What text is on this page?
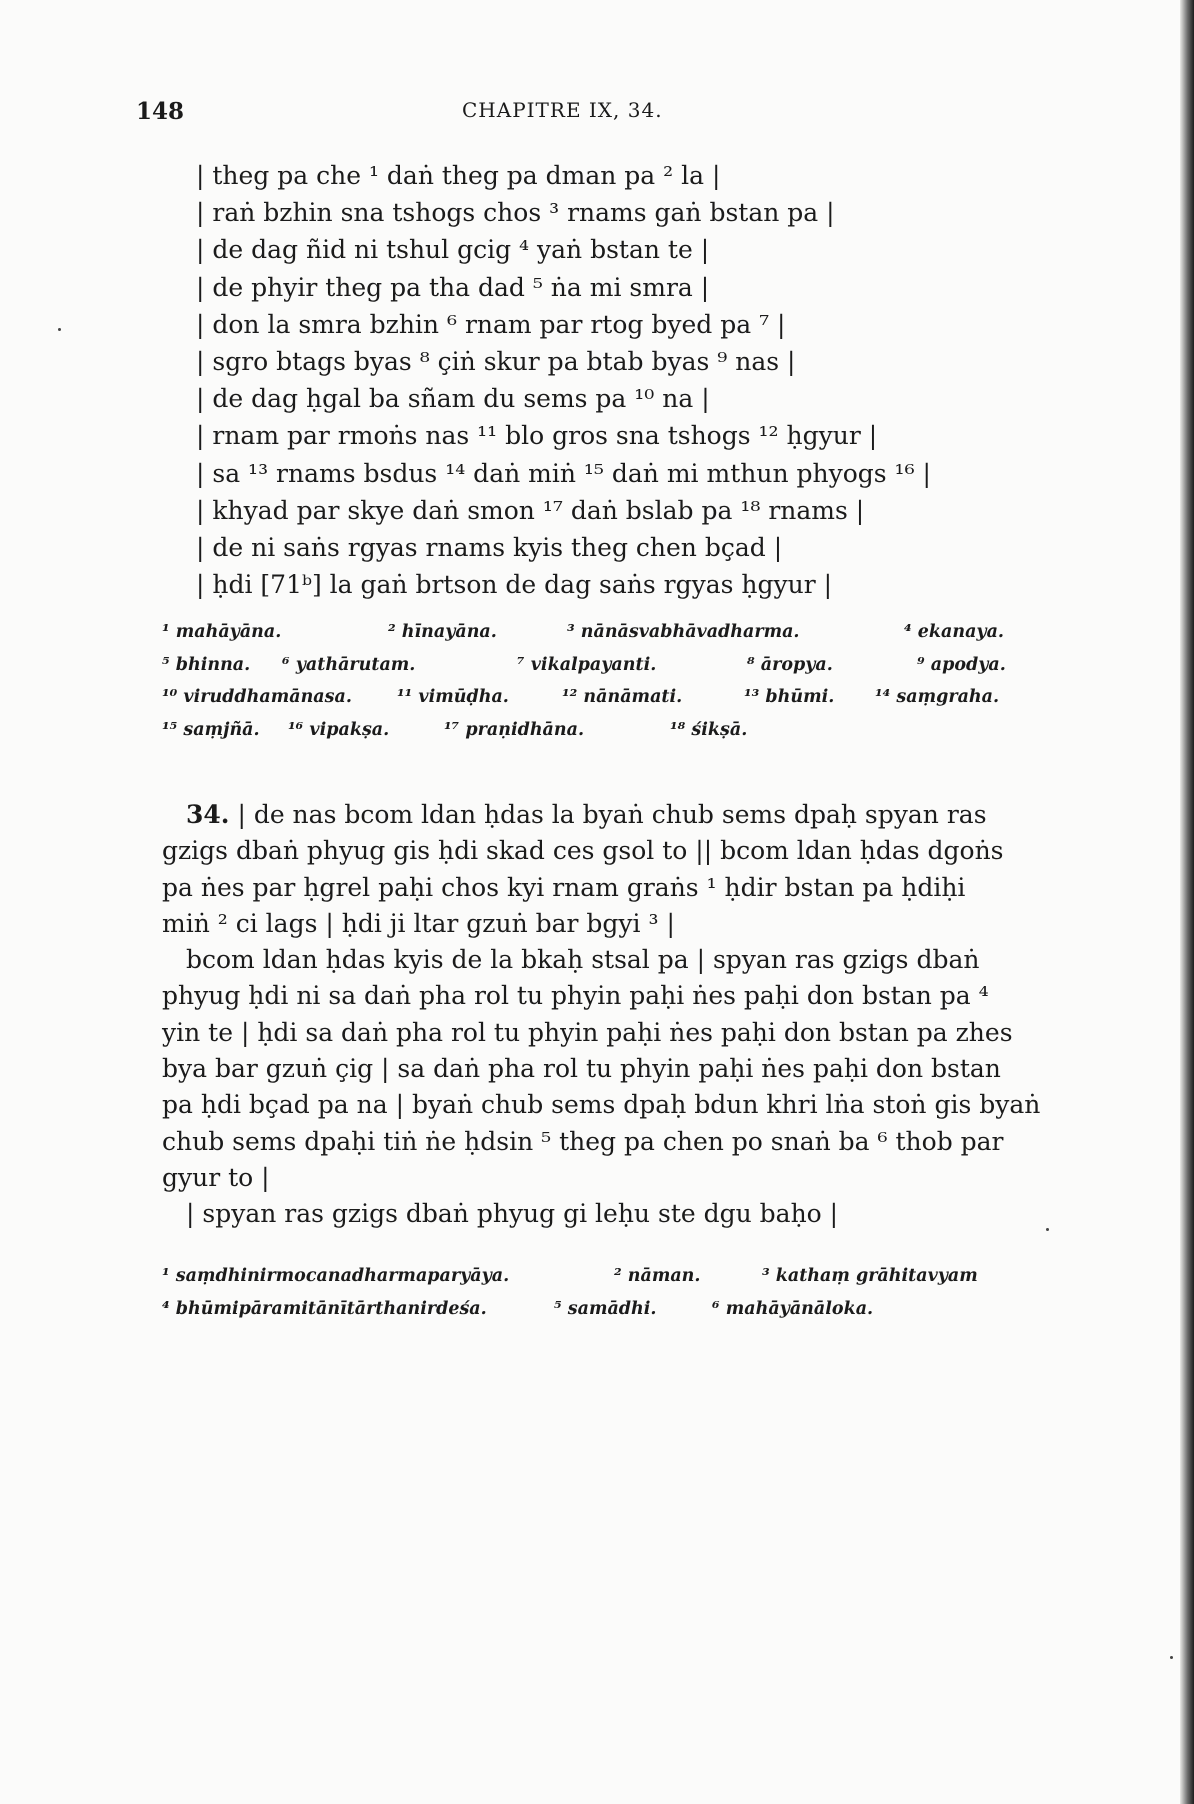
148	CHAPITRE IX, 34.
| theg pa che ¹ daṅ theg pa dman pa ² la |
| raṅ bzhin sna tshogs chos ³ rnams gaṅ bstan pa |
| de dag ñid ni tshul gcig ⁴ yaṅ bstan te |
| de phyir theg pa tha dad ⁵ ṅa mi smra |
| don la smra bzhin ⁶ rnam par rtog byed pa ⁷ |
| sgro btags byas ⁸ çiṅ skur pa btab byas ⁹ nas |
| de dag ḥgal ba sñam du sems pa ¹⁰ na |
| rnam par rmoṅs nas ¹¹ blo gros sna tshogs ¹² ḥgyur |
| sa ¹³ rnams bsdus ¹⁴ daṅ miṅ ¹⁵ daṅ mi mthun phyogs ¹⁶ |
| khyad par skye daṅ smon ¹⁷ daṅ bslab pa ¹⁸ rnams |
| de ni saṅs rgyas rnams kyis theg chen bçad |
| ḥdi [71ᵇ] la gaṅ brtson de dag saṅs rgyas ḥgyur |
¹ mahāyāna.	² hīnayāna.	³ nānāsvabhāvadharma.	⁴ ekanaya.
⁵ bhinna. ⁶ yathārutam.	⁷ vikalpayanti.	⁸ āropya.	⁹ apodya.
¹⁰ viruddhamānasa.	¹¹ vimūḍha.	¹² nānāmati.	¹³ bhūmi. ¹⁴ saṃgraha.
¹⁵ saṃjñā. ¹⁶ vipakṣa.	¹⁷ praṇidhāna.	¹⁸ śikṣā.
34. | de nas bcom ldan ḥdas la byaṅ chub sems dpaḥ spyan ras
gzigs dbaṅ phyug gis ḥdi skad ces gsol to || bcom ldan ḥdas dgoṅs
pa ṅes par ḥgrel paḥi chos kyi rnam graṅs ¹ ḥdir bstan pa ḥdiḥi
miṅ ² ci lags | ḥdi ji ltar gzuṅ bar bgyi ³ |
bcom ldan ḥdas kyis de la bkaḥ stsal pa | spyan ras gzigs dbaṅ
phyug ḥdi ni sa daṅ pha rol tu phyin paḥi ṅes paḥi don bstan pa ⁴
yin te | ḥdi sa daṅ pha rol tu phyin paḥi ṅes paḥi don bstan pa zhes
bya bar gzuṅ çig | sa daṅ pha rol tu phyin paḥi ṅes paḥi don bstan
pa ḥdi bçad pa na | byaṅ chub sems dpaḥ bdun khri lṅa stoṅ gis byaṅ
chub sems dpaḥi tiṅ ṅe ḥdsin ⁵ theg pa chen po snaṅ ba ⁶ thob par
gyur to |
| spyan ras gzigs dbaṅ phyug gi leḥu ste dgu baḥo |
¹ saṃdhinirmocanadharmaparyāya.	² nāman.	³ kathaṃ grāhitavyam
⁴ bhūmipāramitānītārthanirdeśa.	⁵ samādhi.	⁶ mahāyānāloka.
